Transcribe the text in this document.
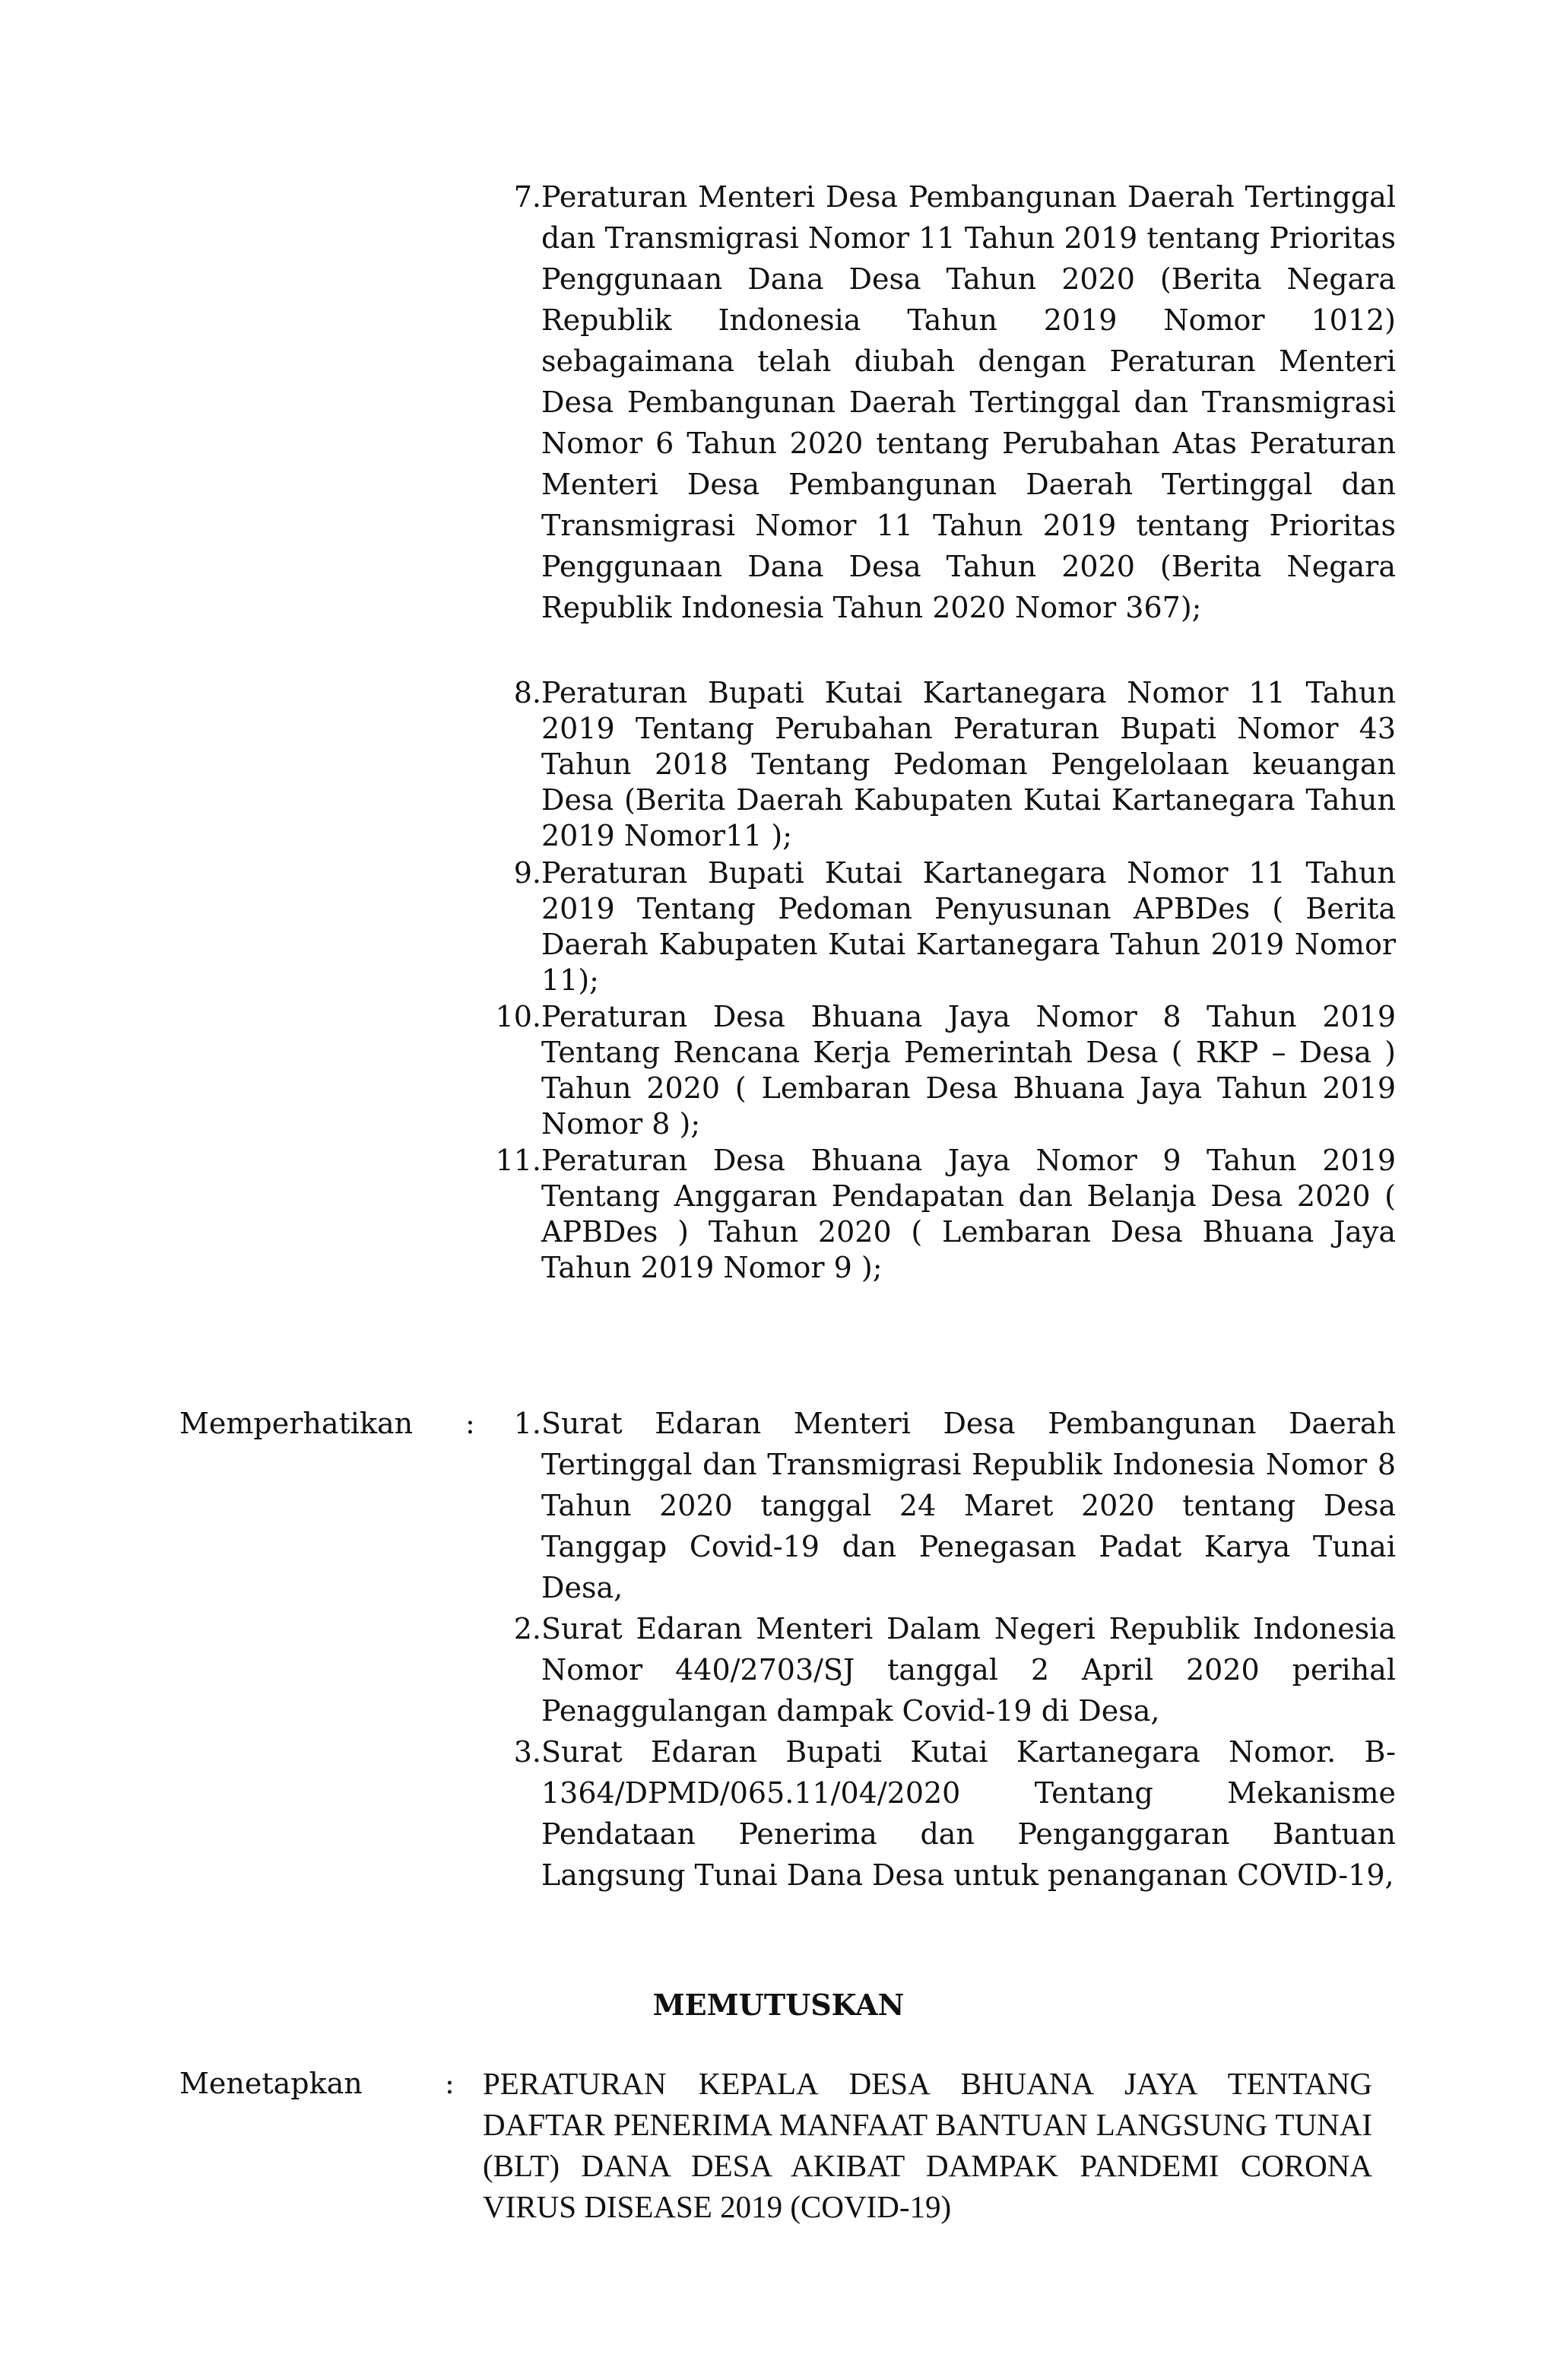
7. Peraturan Menteri Desa Pembangunan Daerah Tertinggal dan Transmigrasi Nomor 11 Tahun 2019 tentang Prioritas Penggunaan Dana Desa Tahun 2020 (Berita Negara Republik Indonesia Tahun 2019 Nomor 1012) sebagaimana telah diubah dengan Peraturan Menteri Desa Pembangunan Daerah Tertinggal dan Transmigrasi Nomor 6 Tahun 2020 tentang Perubahan Atas Peraturan Menteri Desa Pembangunan Daerah Tertinggal dan Transmigrasi Nomor 11 Tahun 2019 tentang Prioritas Penggunaan Dana Desa Tahun 2020 (Berita Negara Republik Indonesia Tahun 2020 Nomor 367);
8. Peraturan Bupati Kutai Kartanegara Nomor 11 Tahun 2019 Tentang Perubahan Peraturan Bupati Nomor 43 Tahun 2018 Tentang Pedoman Pengelolaan keuangan Desa (Berita Daerah Kabupaten Kutai Kartanegara Tahun 2019 Nomor11 );
9. Peraturan Bupati Kutai Kartanegara Nomor 11 Tahun 2019 Tentang Pedoman Penyusunan APBDes ( Berita Daerah Kabupaten Kutai Kartanegara Tahun 2019 Nomor 11);
10. Peraturan Desa Bhuana Jaya Nomor 8 Tahun 2019 Tentang Rencana Kerja Pemerintah Desa ( RKP – Desa ) Tahun 2020 ( Lembaran Desa Bhuana Jaya Tahun 2019 Nomor 8 );
11. Peraturan Desa Bhuana Jaya Nomor 9 Tahun 2019 Tentang Anggaran Pendapatan dan Belanja Desa 2020 ( APBDes ) Tahun 2020 ( Lembaran Desa Bhuana Jaya Tahun 2019 Nomor 9 );
Memperhatikan :	1. Surat Edaran Menteri Desa Pembangunan Daerah Tertinggal dan Transmigrasi Republik Indonesia Nomor 8 Tahun 2020 tanggal 24 Maret 2020 tentang Desa Tanggap Covid-19 dan Penegasan Padat Karya Tunai Desa,
2. Surat Edaran Menteri Dalam Negeri Republik Indonesia Nomor 440/2703/SJ tanggal 2 April 2020 perihal Penaggulangan dampak Covid-19 di Desa,
3. Surat Edaran Bupati Kutai Kartanegara Nomor. B-1364/DPMD/065.11/04/2020 Tentang Mekanisme Pendataan Penerima dan Penganggaran Bantuan Langsung Tunai Dana Desa untuk penanganan COVID-19,
MEMUTUSKAN
Menetapkan	: PERATURAN KEPALA DESA BHUANA JAYA TENTANG DAFTAR PENERIMA MANFAAT BANTUAN LANGSUNG TUNAI (BLT) DANA DESA AKIBAT DAMPAK PANDEMI CORONA VIRUS DISEASE 2019 (COVID-19)
